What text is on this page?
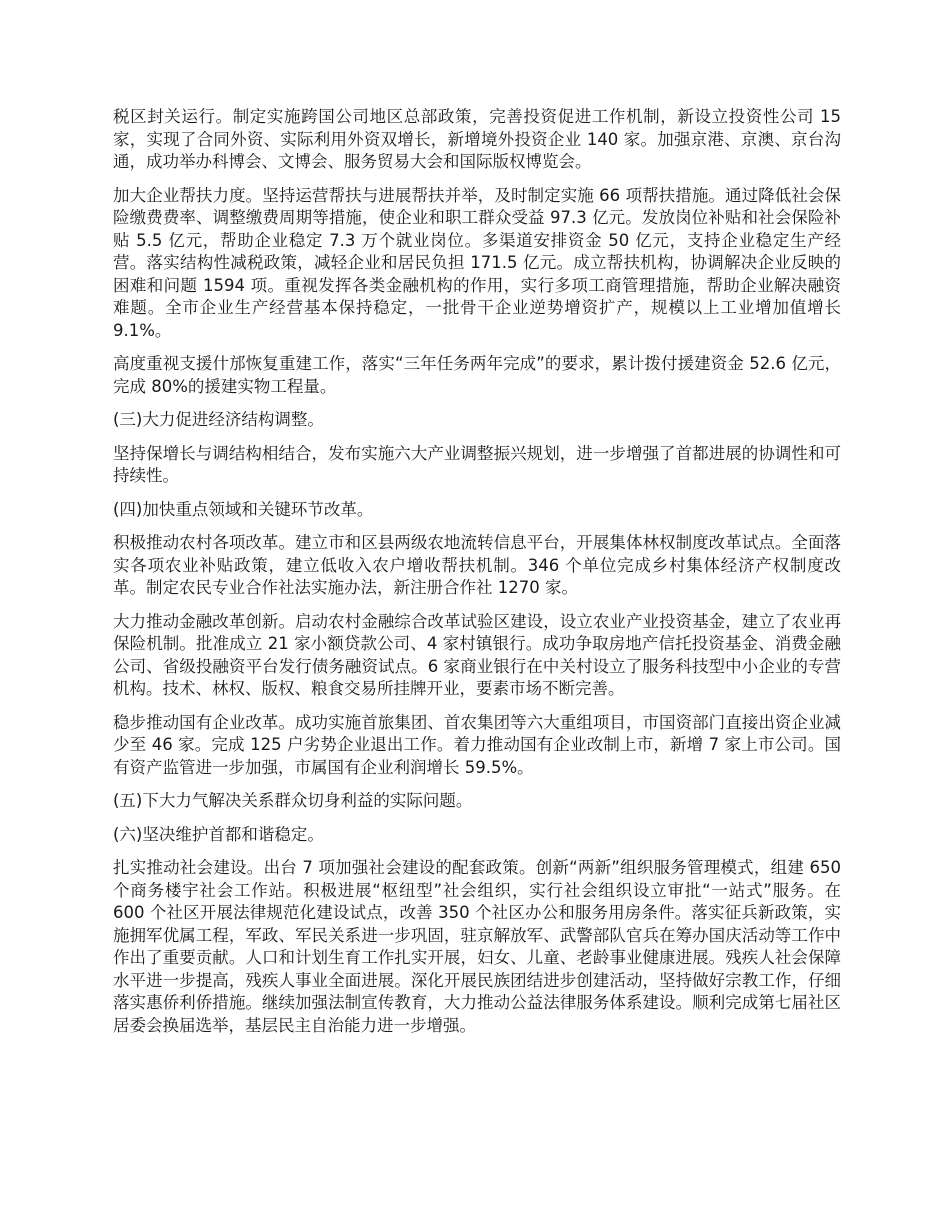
税区封关运行。制定实施跨国公司地区总部政策，完善投资促进工作机制，新设立投资性公司 15 家，实现了合同外资、实际利用外资双增长，新增境外投资企业 140 家。加强京港、京澳、京台沟通，成功举办科博会、文博会、服务贸易大会和国际版权博览会。

加大企业帮扶力度。坚持运营帮扶与进展帮扶并举，及时制定实施 66 项帮扶措施。通过降低社会保险缴费费率、调整缴费周期等措施，使企业和职工群众受益 97.3 亿元。发放岗位补贴和社会保险补贴 5.5 亿元，帮助企业稳定 7.3 万个就业岗位。多渠道安排资金 50 亿元，支持企业稳定生产经营。落实结构性减税政策，减轻企业和居民负担 171.5 亿元。成立帮扶机构，协调解决企业反映的困难和问题 1594 项。重视发挥各类金融机构的作用，实行多项工商管理措施，帮助企业解决融资难题。全市企业生产经营基本保持稳定，一批骨干企业逆势增资扩产，规模以上工业增加值增长 9.1%。

高度重视支援什邡恢复重建工作，落实“三年任务两年完成”的要求，累计拨付援建资金 52.6 亿元，完成 80%的援建实物工程量。

(三)大力促进经济结构调整。

坚持保增长与调结构相结合，发布实施六大产业调整振兴规划，进一步增强了首都进展的协调性和可持续性。

(四)加快重点领域和关键环节改革。

积极推动农村各项改革。建立市和区县两级农地流转信息平台，开展集体林权制度改革试点。全面落实各项农业补贴政策，建立低收入农户增收帮扶机制。346 个单位完成乡村集体经济产权制度改革。制定农民专业合作社法实施办法，新注册合作社 1270 家。

大力推动金融改革创新。启动农村金融综合改革试验区建设，设立农业产业投资基金，建立了农业再保险机制。批准成立 21 家小额贷款公司、4 家村镇银行。成功争取房地产信托投资基金、消费金融公司、省级投融资平台发行债务融资试点。6 家商业银行在中关村设立了服务科技型中小企业的专营机构。技术、林权、版权、粮食交易所挂牌开业，要素市场不断完善。

稳步推动国有企业改革。成功实施首旅集团、首农集团等六大重组项目，市国资部门直接出资企业减少至 46 家。完成 125 户劣势企业退出工作。着力推动国有企业改制上市，新增 7 家上市公司。国有资产监管进一步加强，市属国有企业利润增长 59.5%。

(五)下大力气解决关系群众切身利益的实际问题。

(六)坚决维护首都和谐稳定。

扎实推动社会建设。出台 7 项加强社会建设的配套政策。创新“两新”组织服务管理模式，组建 650 个商务楼宇社会工作站。积极进展“枢纽型”社会组织，实行社会组织设立审批“一站式”服务。在 600 个社区开展法律规范化建设试点，改善 350 个社区办公和服务用房条件。落实征兵新政策，实施拥军优属工程，军政、军民关系进一步巩固，驻京解放军、武警部队官兵在筹办国庆活动等工作中作出了重要贡献。人口和计划生育工作扎实开展，妇女、儿童、老龄事业健康进展。残疾人社会保障水平进一步提高，残疾人事业全面进展。深化开展民族团结进步创建活动，坚持做好宗教工作，仔细落实惠侨利侨措施。继续加强法制宣传教育，大力推动公益法律服务体系建设。顺利完成第七届社区居委会换届选举，基层民主自治能力进一步增强。
